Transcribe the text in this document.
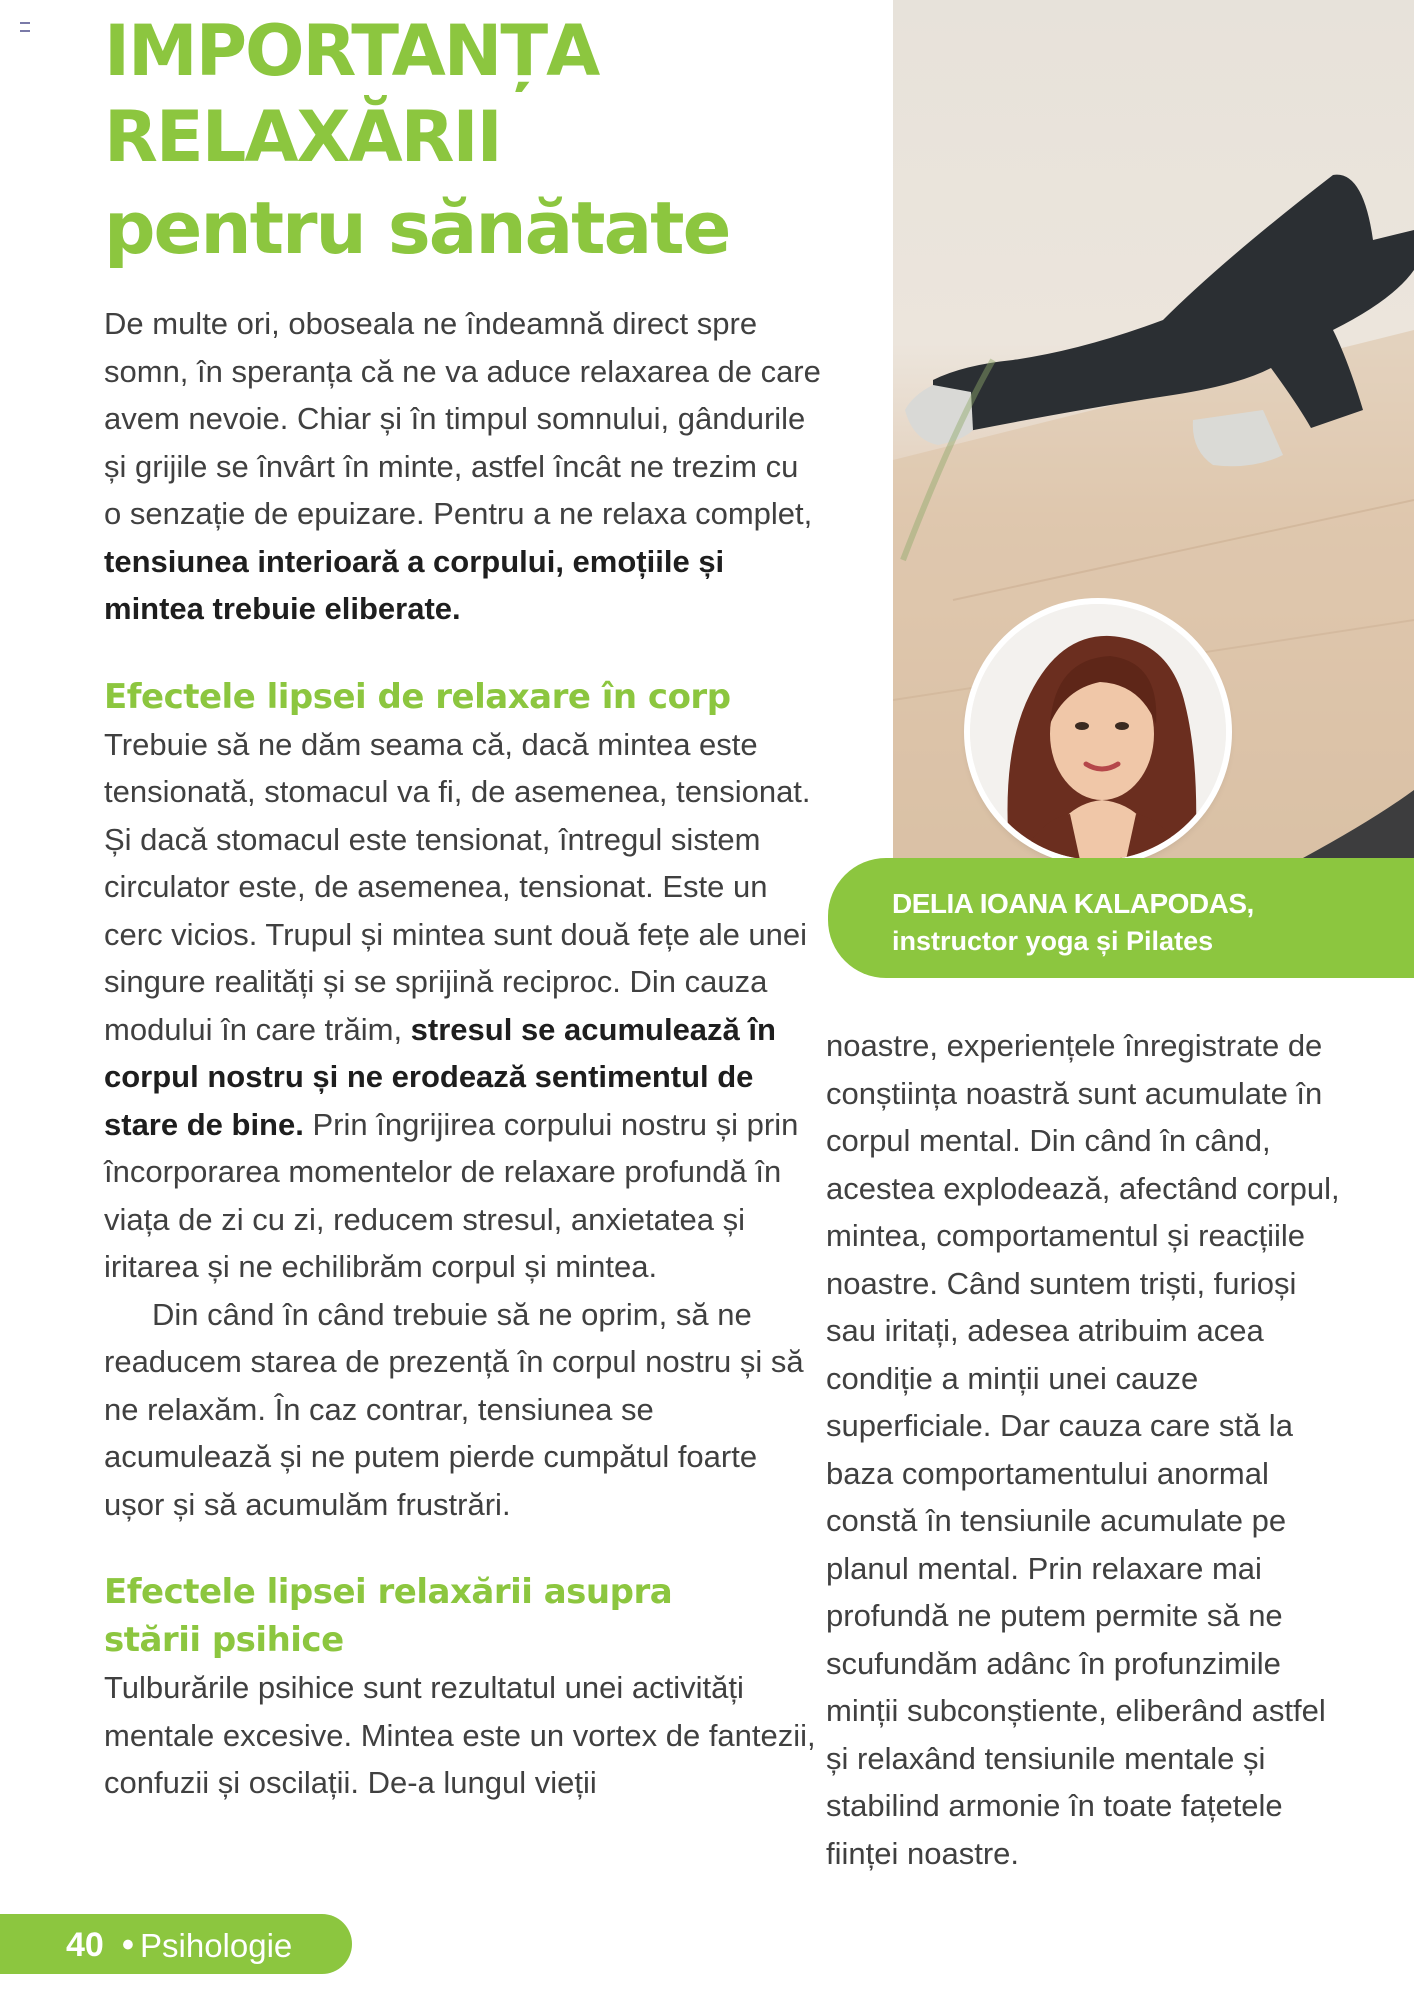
IMPORTANȚA
RELAXĂRII
pentru sănătate
DELIA IOANA KALAPODAS,
instructor yoga și Pilates

De multe ori, oboseala ne îndeamnă direct spre somn, în speranța că ne va aduce relaxarea de care avem nevoie. Chiar și în timpul somnului, gândurile și grijile se învârt în minte, astfel încât ne trezim cu o senzație de epuizare. Pentru a ne relaxa complet, tensiunea interioară a corpului, emoțiile și mintea trebuie eliberate.

Efectele lipsei de relaxare în corp

Trebuie să ne dăm seama că, dacă mintea este tensionată, stomacul va fi, de asemenea, tensionat. Și dacă stomacul este tensionat, întregul sistem circulator este, de asemenea, tensionat. Este un cerc vicios. Trupul și mintea sunt două fețe ale unei singure realități și se sprijină reciproc. Din cauza modului în care trăim, stresul se acumulează în corpul nostru și ne erodează sentimentul de stare de bine. Prin îngrijirea corpului nostru și prin încorporarea momentelor de relaxare profundă în viața de zi cu zi, reducem stresul, anxietatea și iritarea și ne echilibrăm corpul și mintea.

Din când în când trebuie să ne oprim, să ne readucem starea de prezență în corpul nostru și să ne relaxăm. În caz contrar, tensiunea se acumulează și ne putem pierde cumpătul foarte ușor și să acumulăm frustrări.

Efectele lipsei relaxării asupra
stării psihice

Tulburările psihice sunt rezultatul unei activități mentale excesive. Mintea este un vortex de fantezii, confuzii și oscilații. De-a lungul vieții

noastre, experiențele înregistrate de conștiința noastră sunt acumulate în corpul mental. Din când în când, acestea explodează, afectând corpul, mintea, comportamentul și reacțiile noastre. Când suntem triști, furioși sau iritați, adesea atribuim acea condiție a minții unei cauze superficiale. Dar cauza care stă la baza comportamentului anormal constă în tensiunile acumulate pe planul mental. Prin relaxare mai profundă ne putem permite să ne scufundăm adânc în profunzimile minții subconștiente, eliberând astfel și relaxând tensiunile mentale și stabilind armonie în toate fațetele ființei noastre.

40 • Psihologie
